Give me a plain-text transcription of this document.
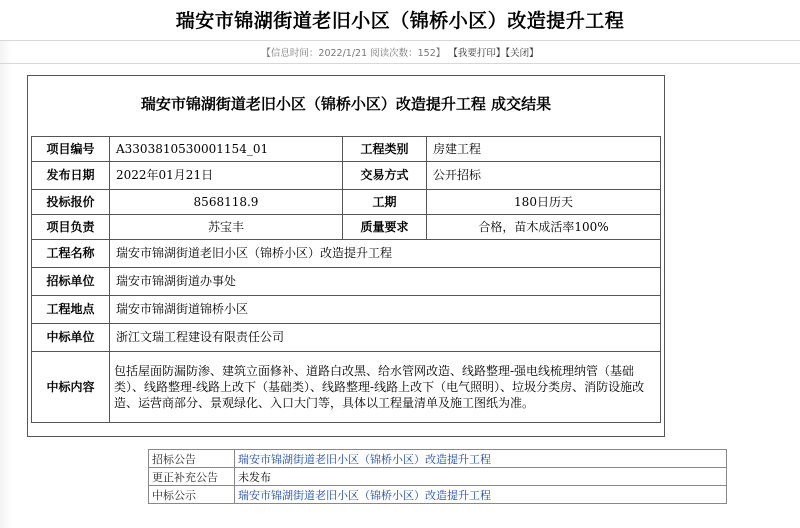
瑞安市锦湖街道老旧小区（锦桥小区）改造提升工程
【信息时间：2022/1/21 阅读次数：152】 【我要打印】【关闭】
瑞安市锦湖街道老旧小区（锦桥小区）改造提升工程 成交结果
项目编号	A3303810530001154_01	工程类别	房建工程
发布日期	2022年01月21日	交易方式	公开招标
投标报价	8568118.9	工期	180日历天
项目负责	苏宝丰	质量要求	合格，苗木成活率100%
工程名称	瑞安市锦湖街道老旧小区（锦桥小区）改造提升工程		
招标单位	瑞安市锦湖街道办事处		
工程地点	瑞安市锦湖街道锦桥小区		
中标单位	浙江文瑞工程建设有限责任公司		
中标内容	包括屋面防漏防渗、建筑立面修补、道路白改黑、给水管网改造、线路整理-强电线梳理纳管（基础类）、线路整理-线路上改下（基础类）、线路整理-线路上改下（电气照明）、垃圾分类房、消防设施改造、运营商部分、景观绿化、入口大门等，具体以工程量清单及施工图纸为准。		
招标公告	瑞安市锦湖街道老旧小区（锦桥小区）改造提升工程
更正补充公告	未发布
中标公示	瑞安市锦湖街道老旧小区（锦桥小区）改造提升工程
